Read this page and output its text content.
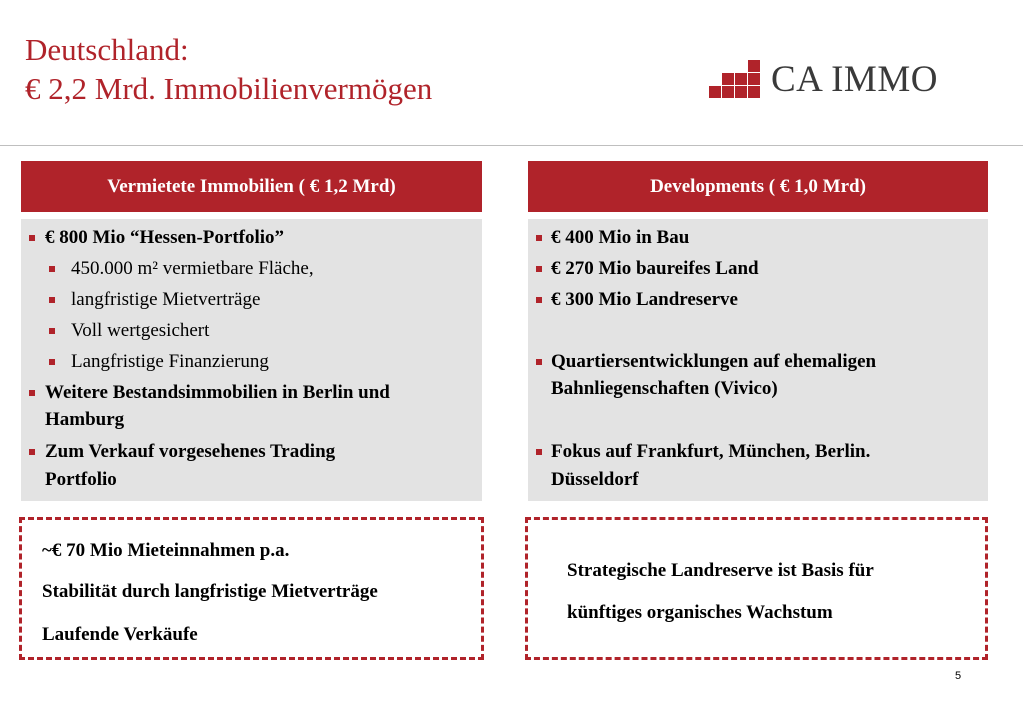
Deutschland:
€ 2,2 Mrd. Immobilienvermögen	CA IMMO
Vermietete Immobilien ( € 1,2 Mrd)
€ 800 Mio “Hessen-Portfolio”
450.000 m² vermietbare Fläche,
langfristige Mietverträge
Voll wertgesichert
Langfristige Finanzierung
Weitere Bestandsimmobilien in Berlin und
Hamburg
Zum Verkauf vorgesehenes Trading
Portfolio
~€ 70 Mio Mieteinnahmen p.a.
Stabilität durch langfristige Mietverträge
Laufende Verkäufe
Developments ( € 1,0 Mrd)
€ 400 Mio in Bau
€ 270 Mio baureifes Land
€ 300 Mio Landreserve
Quartiersentwicklungen auf ehemaligen
Bahnliegenschaften (Vivico)
Fokus auf Frankfurt, München, Berlin.
Düsseldorf
Strategische Landreserve ist Basis für
künftiges organisches Wachstum
5
